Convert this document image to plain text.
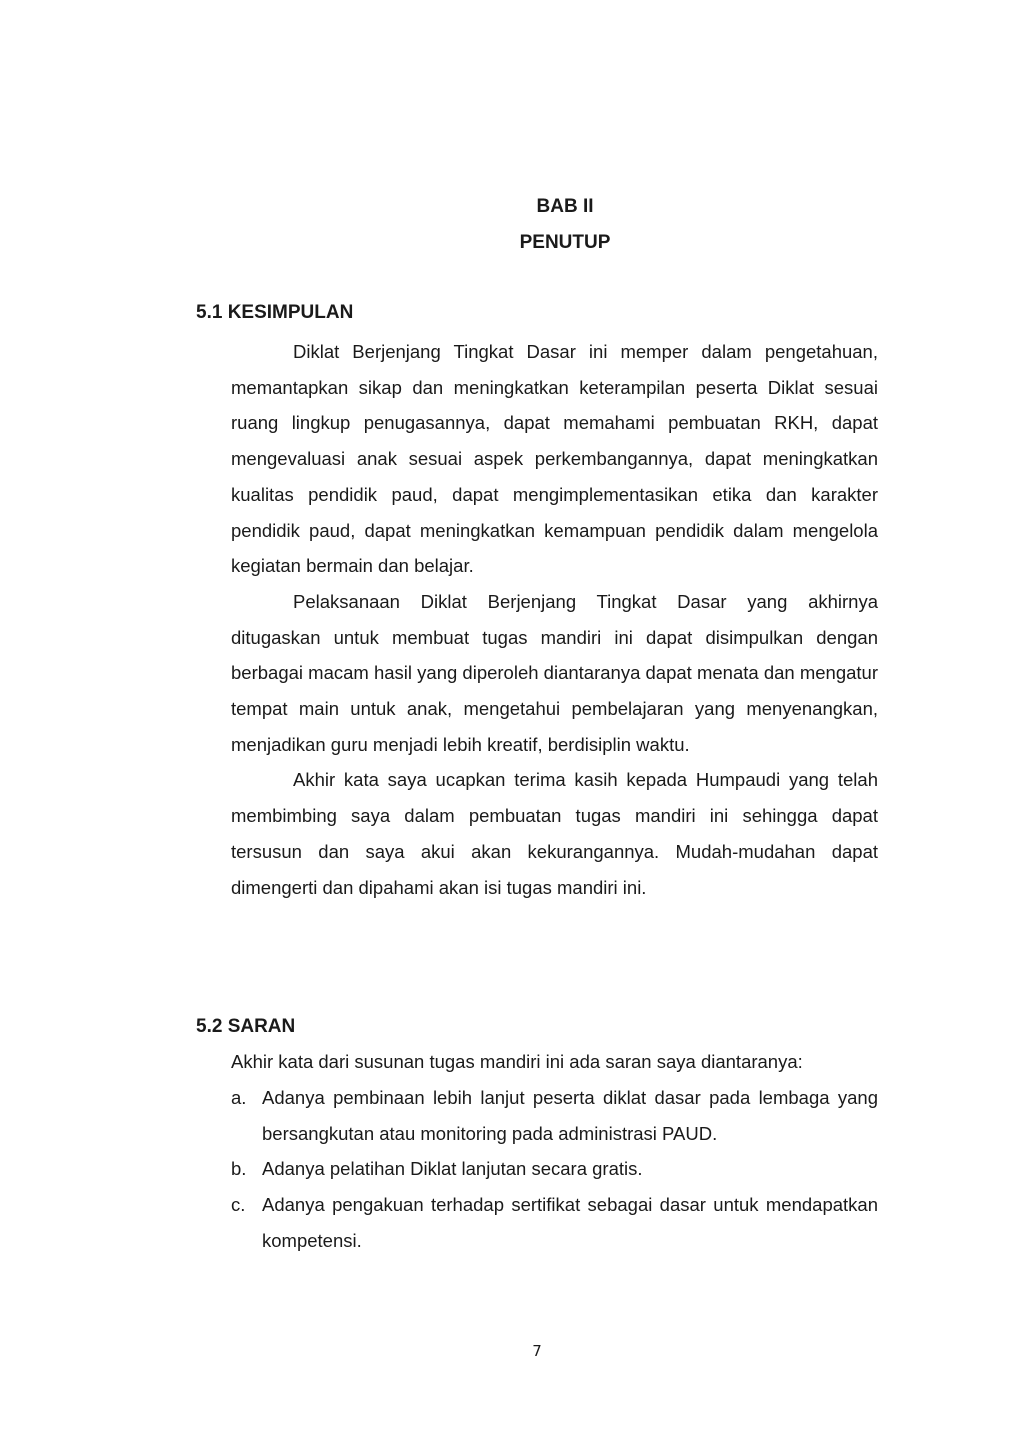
BAB II
PENUTUP
5.1 KESIMPULAN

Diklat Berjenjang Tingkat Dasar ini memper dalam pengetahuan, memantapkan sikap dan meningkatkan keterampilan peserta Diklat sesuai ruang lingkup penugasannya, dapat memahami pembuatan RKH, dapat mengevaluasi anak sesuai aspek perkembangannya, dapat meningkatkan kualitas pendidik paud, dapat mengimplementasikan etika dan karakter pendidik paud, dapat meningkatkan kemampuan pendidik dalam mengelola kegiatan bermain dan belajar.

Pelaksanaan Diklat Berjenjang Tingkat Dasar yang akhirnya ditugaskan untuk membuat tugas mandiri ini dapat disimpulkan dengan berbagai macam hasil yang diperoleh diantaranya dapat menata dan mengatur tempat main untuk anak, mengetahui pembelajaran yang menyenangkan, menjadikan guru menjadi lebih kreatif, berdisiplin waktu.

Akhir kata saya ucapkan terima kasih kepada Humpaudi yang telah membimbing saya dalam pembuatan tugas mandiri ini sehingga dapat tersusun dan saya akui akan kekurangannya. Mudah-mudahan dapat dimengerti dan dipahami akan isi tugas mandiri ini.

5.2 SARAN
Akhir kata dari susunan tugas mandiri ini ada saran saya diantaranya:
a. Adanya pembinaan lebih lanjut peserta diklat dasar pada lembaga yang bersangkutan atau monitoring pada administrasi PAUD.
b. Adanya pelatihan Diklat lanjutan secara gratis.
c. Adanya pengakuan terhadap sertifikat sebagai dasar untuk mendapatkan kompetensi.
7
